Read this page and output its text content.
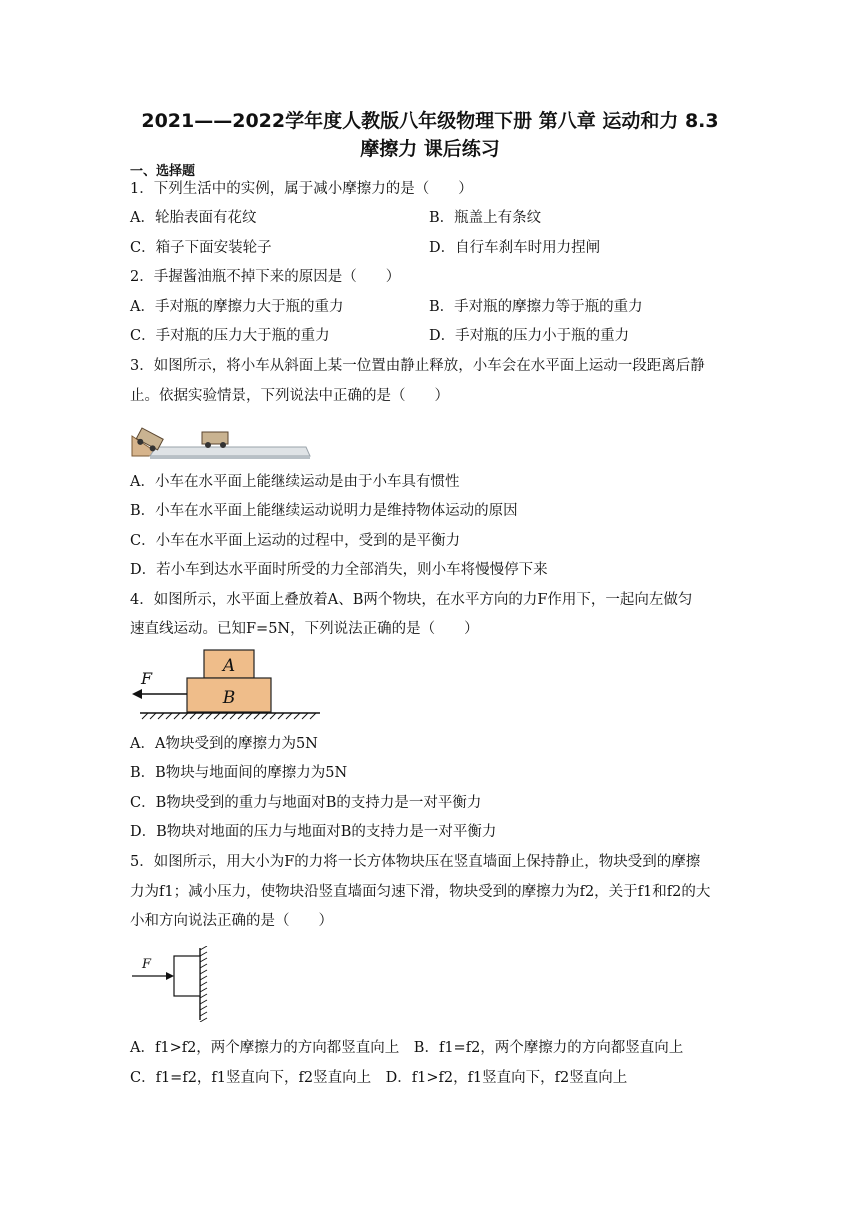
2021——2022学年度人教版八年级物理下册 第八章 运动和力 8.3
摩擦力 课后练习
一、选择题
1．下列生活中的实例，属于减小摩擦力的是（　　）
A．轮胎表面有花纹	B．瓶盖上有条纹
C．箱子下面安装轮子	D．自行车刹车时用力捏闸
2．手握酱油瓶不掉下来的原因是（　　）
A．手对瓶的摩擦力大于瓶的重力	B．手对瓶的摩擦力等于瓶的重力
C．手对瓶的压力大于瓶的重力	D．手对瓶的压力小于瓶的重力
3．如图所示，将小车从斜面上某一位置由静止释放，小车会在水平面上运动一段距离后静
止。依据实验情景，下列说法中正确的是（　　）
A．小车在水平面上能继续运动是由于小车具有惯性
B．小车在水平面上能继续运动说明力是维持物体运动的原因
C．小车在水平面上运动的过程中，受到的是平衡力
D．若小车到达水平面时所受的力全部消失，则小车将慢慢停下来
4．如图所示，水平面上叠放着A、B两个物块，在水平方向的力F作用下，一起向左做匀
速直线运动。已知F=5N，下列说法正确的是（　　）
A
B
F
A．A物块受到的摩擦力为5N
B．B物块与地面间的摩擦力为5N
C．B物块受到的重力与地面对B的支持力是一对平衡力
D．B物块对地面的压力与地面对B的支持力是一对平衡力
5．如图所示，用大小为F的力将一长方体物块压在竖直墙面上保持静止，物块受到的摩擦
力为f1；减小压力，使物块沿竖直墙面匀速下滑，物块受到的摩擦力为f2，关于f1和f2的大
小和方向说法正确的是（　　）
F
A．f1>f2，两个摩擦力的方向都竖直向上　B．f1=f2，两个摩擦力的方向都竖直向上
C．f1=f2，f1竖直向下，f2竖直向上　D．f1>f2，f1竖直向下，f2竖直向上
